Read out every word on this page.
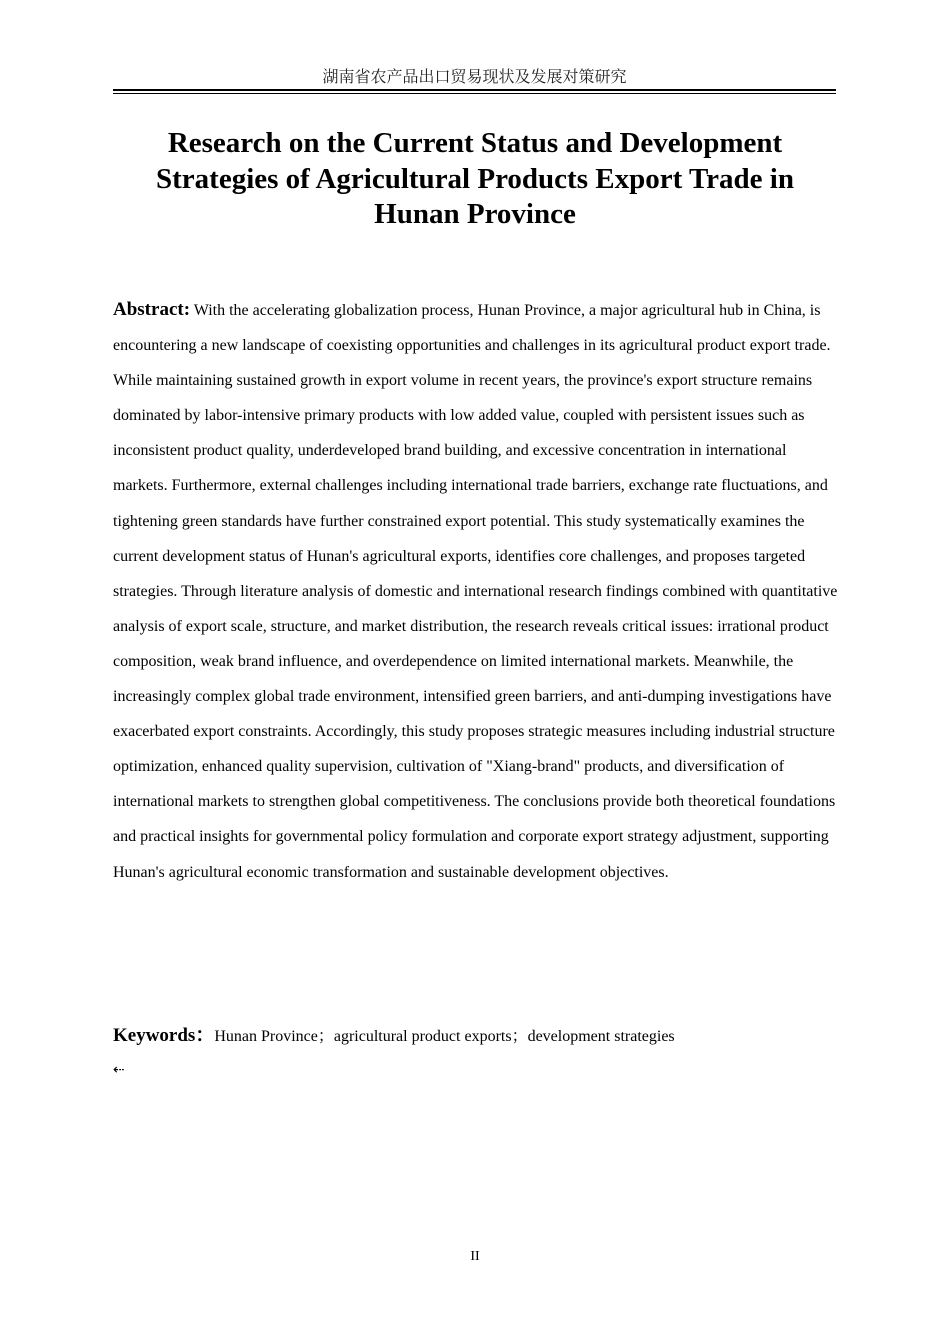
湖南省农产品出口贸易现状及发展对策研究
Research on the Current Status and Development Strategies of Agricultural Products Export Trade in Hunan Province

Abstract: With the accelerating globalization process, Hunan Province, a major agricultural hub in China, is encountering a new landscape of coexisting opportunities and challenges in its agricultural product export trade. While maintaining sustained growth in export volume in recent years, the province's export structure remains dominated by labor-intensive primary products with low added value, coupled with persistent issues such as inconsistent product quality, underdeveloped brand building, and excessive concentration in international markets. Furthermore, external challenges including international trade barriers, exchange rate fluctuations, and tightening green standards have further constrained export potential. This study systematically examines the current development status of Hunan's agricultural exports, identifies core challenges, and proposes targeted strategies. Through literature analysis of domestic and international research findings combined with quantitative analysis of export scale, structure, and market distribution, the research reveals critical issues: irrational product composition, weak brand influence, and overdependence on limited international markets. Meanwhile, the increasingly complex global trade environment, intensified green barriers, and anti-dumping investigations have exacerbated export constraints. Accordingly, this study proposes strategic measures including industrial structure optimization, enhanced quality supervision, cultivation of "Xiang-brand" products, and diversification of international markets to strengthen global competitiveness. The conclusions provide both theoretical foundations and practical insights for governmental policy formulation and corporate export strategy adjustment, supporting Hunan's agricultural economic transformation and sustainable development objectives.

Keywords：Hunan Province；agricultural product exports；development strategies

⇠
II
